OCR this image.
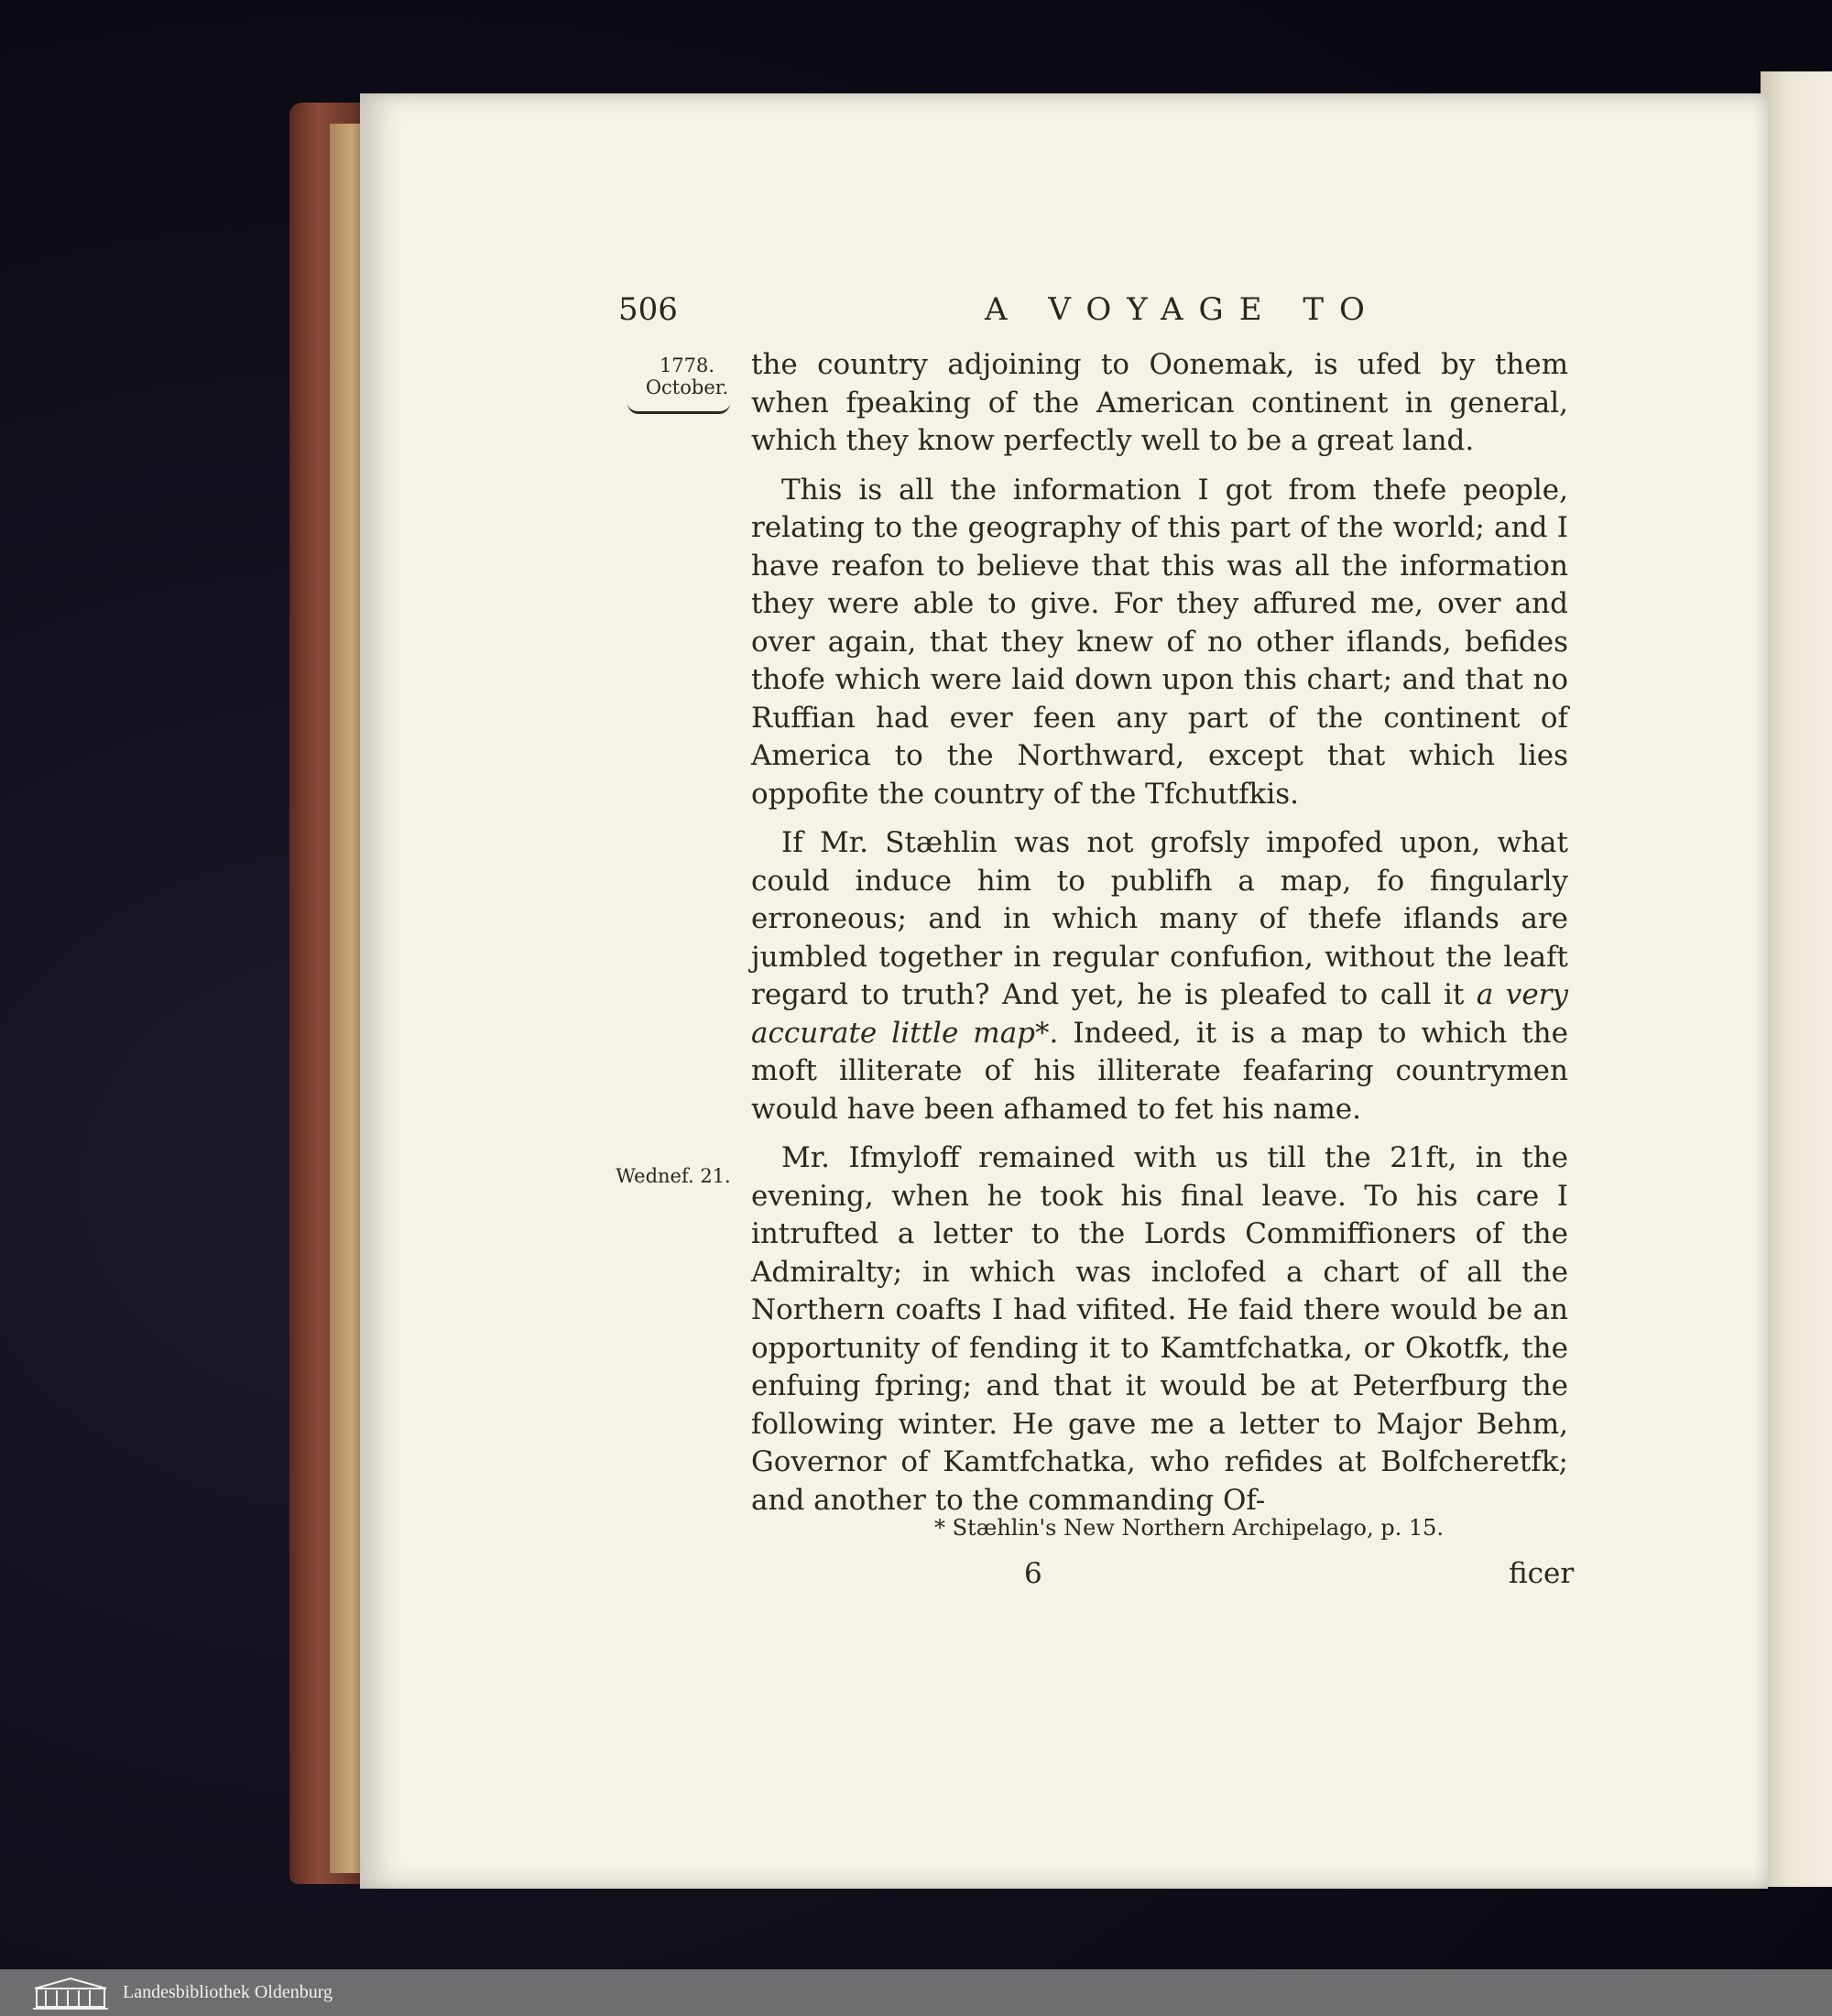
506	A VOYAGE TO
1778.
October.
Wednef. 21.

the country adjoining to Oonemak, is ufed by them when fpeaking of the American continent in general, which they know perfectly well to be a great land.

This is all the information I got from thefe people, relating to the geography of this part of the world; and I have reafon to believe that this was all the information they were able to give. For they affured me, over and over again, that they knew of no other iflands, befides thofe which were laid down upon this chart; and that no Ruffian had ever feen any part of the continent of America to the Northward, except that which lies oppofite the country of the Tfchutfkis.

If Mr. Stæhlin was not grofsly impofed upon, what could induce him to publifh a map, fo fingularly erroneous; and in which many of thefe iflands are jumbled together in regular confufion, without the leaft regard to truth? And yet, he is pleafed to call it a very accurate little map*. Indeed, it is a map to which the moft illiterate of his illiterate feafaring countrymen would have been afhamed to fet his name.

Mr. Ifmyloff remained with us till the 21ft, in the evening, when he took his final leave. To his care I intrufted a letter to the Lords Commiffioners of the Admiralty; in which was inclofed a chart of all the Northern coafts I had vifited. He faid there would be an opportunity of fending it to Kamtfchatka, or Okotfk, the enfuing fpring; and that it would be at Peterfburg the following winter. He gave me a letter to Major Behm, Governor of Kamtfchatka, who refides at Bolfcheretfk; and another to the commanding Of-

* Stæhlin's New Northern Archipelago, p. 15.
6	ficer
Landesbibliothek Oldenburg
